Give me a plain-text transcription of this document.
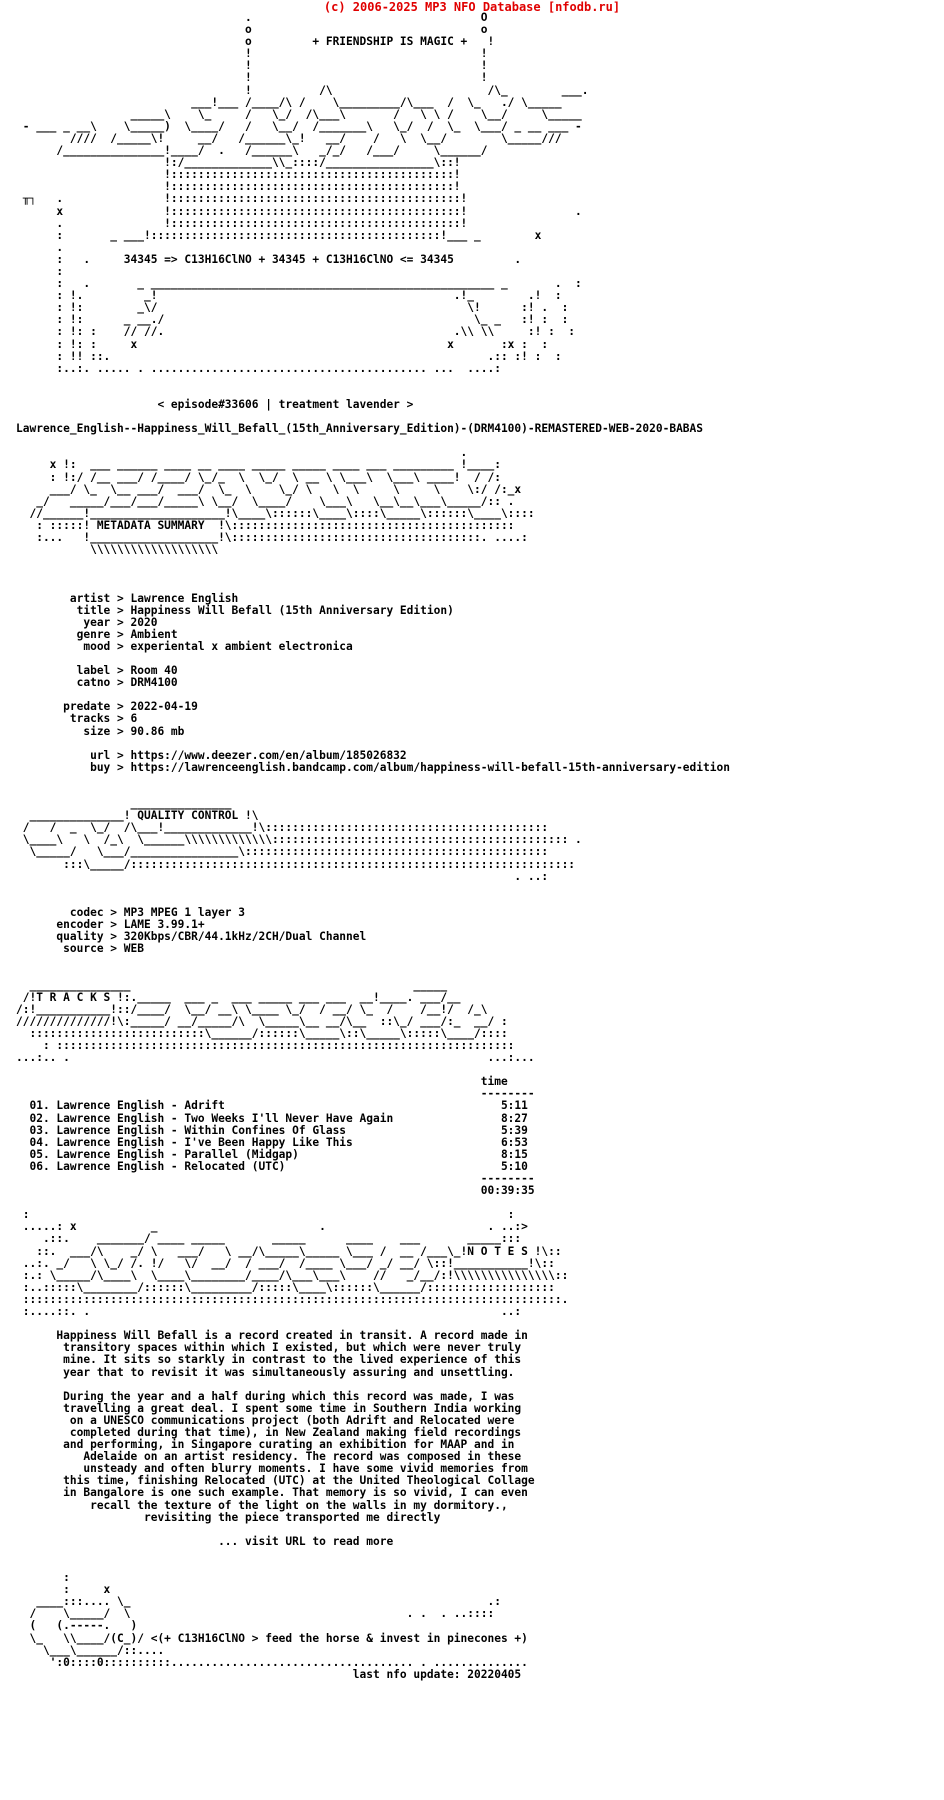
(c) 2006-2025 MP3 NFO Database [nfodb.ru]
.                                  O
o                                  o
o         + FRIENDSHIP IS MAGIC +   !
!                                  !
!                                  !
!                                  !
!          /\                       /\_        ___.
___!___ /____/\ /    \_________/\___  /  \_   ./ \_____
_____\    \_     /   \_/  /\___\       /   \ \ /    \__/     \_____
- ___ _ __\    \_____)  \____/   /   \__/  /_______\   \_/  /  \_  \___/ _ __ ___ -
////  /_____\!     __/   /______\_!   __/    /   \  \__/        \_____///
/_______________!____/  .   /______\   _/_/   /___/     \______/
!:/_____________\\_::::/________________\::!
!::::::::::::::::::::::::::::::::::::::::::!
!::::::::::::::::::::::::::::::::::::::::::!
╥┐   .               !:::::::::::::::::::::::::::::::::::::::::::!
x               !:::::::::::::::::::::::::::::::::::::::::::!                .
.               !:::::::::::::::::::::::::::::::::::::::::::!
:       _ ___!:::::::::::::::::::::::::::::::::::::::::::!___ _        x
.
:   .     34345 => C13H16ClNO + 34345 + C13H16ClNO <= 34345         .
:
:   .       _ ___________________________________________________ _       .  :
: !.         _!                                            .!_        .!  :
: !:        _\/                                              \!      :! .  :
: !:      _ __./                                              \_ _   :! :  :
: !: :    // //.                                           .\\ \\     :! :  :
: !: :     x                                              x       :x :  :
: !! ::.                                                        .:: :! :  :
:..:. ..... . ......................................... ...  ....:

< episode#33606 | treatment lavender >

Lawrence_English--Happiness_Will_Befall_(15th_Anniversary_Edition)-(DRM4100)-REMASTERED-WEB-2020-BABAS

.
x !:  ___ ______ ____ __ ____ _____ _____ ____ ___ _________ !____:
: !:/ /__ ___/ /____/ \_/_  \  \_/  \ __ \ \___\  \___\ ____!  / /:
___/ \_  \__ ___/  ___/  \_  \    \_/ \   \  \     \     \    \:/ /:_x
_/   _____/___/___/_____\ \__/  \____/    \___\   \__\__\___\_____/:: .
//______!____________________!\____\::::::\____\::::\_____\::::::\____\::::
: :::::! METADATA SUMMARY  !\::::::::::::::::::::::::::::::::::::::::::
:...   !___________________!\:::::::::::::::::::::::::::::::::::::. ....:
\\\\\\\\\\\\\\\\\\\

artist > Lawrence English
title > Happiness Will Befall (15th Anniversary Edition)
year > 2020
genre > Ambient
mood > experiental x ambient electronica

label > Room 40
catno > DRM4100

predate > 2022-04-19
tracks > 6
size > 90.86 mb

url > https://www.deezer.com/en/album/185026832
buy > https://lawrenceenglish.bandcamp.com/album/happiness-will-befall-15th-anniversary-edition

_______________
______________! QUALITY CONTROL !\
/   /  _  \_/  /\___!_____________!\::::::::::::::::::::::::::::::::::::::::::
\____\   \  /_\  \______\\\\\\\\\\\\\:::::::::::::::::::::::::::::::::::::::::::: .
\_____/   \___/________________\:::::::::::::::::::::::::::::::::::::::::::::
:::\_____/::::::::::::::::::::::::::::::::::::::::::::::::::::::::::::::::::
. ..:

codec > MP3 MPEG 1 layer 3
encoder > LAME 3.99.1+
quality > 320Kbps/CBR/44.1kHz/2CH/Dual Channel
source > WEB

_______________                                          _____
/!T R A C K S !:._____  ___ _  ___ _____ ___ ___  __!____. ___/__
/:!___________!::/____/  \__/ __\ \____ \_/  / __/ \_  /    /__!/  /_\
//////////////!\:_____/ __/_____/\  \_____\__ __/\__  ::\_/ ___/:_  __/ :
::::::::::::::::::::::::::\______/::::::\_____\::\_____\:::::\____/::::
: ::::::::::::::::::::::::::::::::::::::::::::::::::::::::::::::::::::
...:.. .                                                              ...:...

time
--------
01. Lawrence English - Adrift                                         5:11
02. Lawrence English - Two Weeks I'll Never Have Again                8:27
03. Lawrence English - Within Confines Of Glass                       5:39
04. Lawrence English - I've Been Happy Like This                      6:53
05. Lawrence English - Parallel (Midgap)                              8:15
06. Lawrence English - Relocated (UTC)                                5:10
--------
00:39:35

:                                                                       :
.....: x           _                        .                        . ..:>
.::.    _______/ ____ _____       _____      ____    ___       _____:::
::.  ___/\    _/ \   ___/   \ __/\_____\_____ \___ /  __ /___\_!N O T E S !\::
..:. _/   \ \_/ /. !/   \/  __/  / ___/  /____ \___/ _/ __/ \::!___________!\::
:.: \_____/\____\  \____\________/____/\___\___\    //   _/__/:!\\\\\\\\\\\\\\\::
:..:::::\________/::::::\_________/:::::\____\::::::\______/:::::::::::::::::::
::::::::::::::::::::::::::::::::::::::::::::::::::::::::::::::::::::::::::::::::.
:....::. .                                                             ..:

Happiness Will Befall is a record created in transit. A record made in
transitory spaces within which I existed, but which were never truly
mine. It sits so starkly in contrast to the lived experience of this
year that to revisit it was simultaneously assuring and unsettling.

During the year and a half during which this record was made, I was
travelling a great deal. I spent some time in Southern India working
on a UNESCO communications project (both Adrift and Relocated were
completed during that time), in New Zealand making field recordings
and performing, in Singapore curating an exhibition for MAAP and in
Adelaide on an artist residency. The record was composed in these
unsteady and often blurry moments. I have some vivid memories from
this time, finishing Relocated (UTC) at the United Theological Collage
in Bangalore is one such example. That memory is so vivid, I can even
recall the texture of the light on the walls in my dormitory.,
revisiting the piece transported me directly

... visit URL to read more

:
:     x
____:::.... \_                                                     .:
/    \_____/  \                                         . .  . ..::::
(   (.-----.   )
\_   \\____/(C_)/ <(+ C13H16ClNO > feed the horse & invest in pinecones +)
\___\______/::....
':0::::0::::::::::.................................... . ..............
last nfo update: 20220405
